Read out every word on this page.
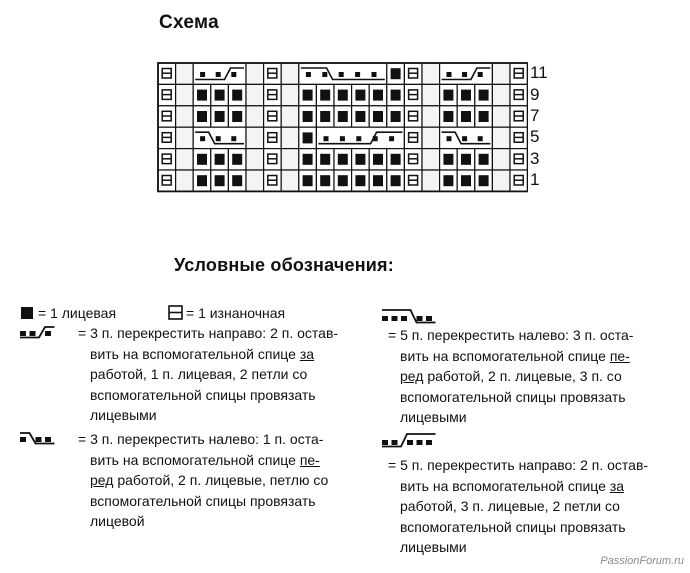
Схема
11
9
7
5
3
1
Условные обозначения:
= 1 лицевая	= 1 изнаночная
= 3 п. перекрестить направо: 2 п. остав-
вить на вспомогательной спице за
работой, 1 п. лицевая, 2 петли со
вспомогательной спицы провязать
лицевыми
= 3 п. перекрестить налево: 1 п. оста-
вить на вспомогательной спице пе-
ред работой, 2 п. лицевые, петлю со
вспомогательной спицы провязать
лицевой
= 5 п. перекрестить налево: 3 п. оста-
вить на вспомогательной спице пе-
ред работой, 2 п. лицевые, 3 п. со
вспомогательной спицы провязать
лицевыми
= 5 п. перекрестить направо: 2 п. остав-
вить на вспомогательной спице за
работой, 3 п. лицевые, 2 петли со
вспомогательной спицы провязать
лицевыми
PassionForum.ru
